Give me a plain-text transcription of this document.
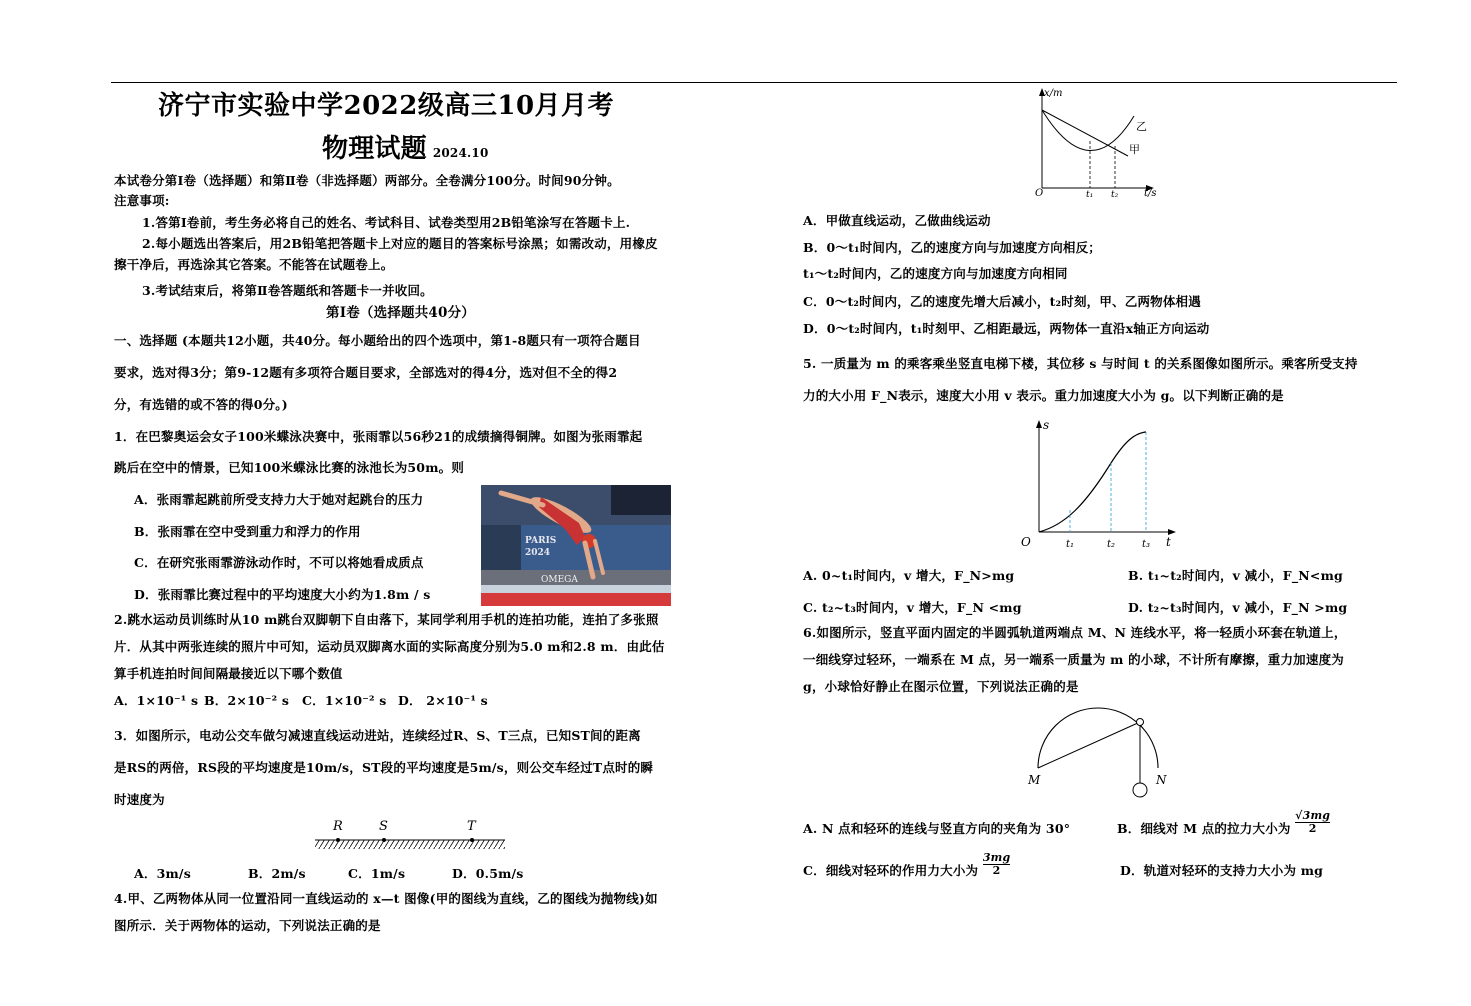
济宁市实验中学2022级高三10月月考
物理试题 2024.10
本试卷分第Ⅰ卷（选择题）和第Ⅱ卷（非选择题）两部分。全卷满分100分。时间90分钟。
注意事项:
1.答第Ⅰ卷前，考生务必将自己的姓名、考试科目、试卷类型用2B铅笔涂写在答题卡上.
2.每小题选出答案后，用2B铅笔把答题卡上对应的题目的答案标号涂黑；如需改动，用橡皮
擦干净后，再选涂其它答案。不能答在试题卷上。
3.考试结束后，将第Ⅱ卷答题纸和答题卡一并收回。
第Ⅰ卷（选择题共40分）
一、选择题 (本题共12小题，共40分。每小题给出的四个选项中，第1-8题只有一项符合题目
要求，选对得3分；第9-12题有多项符合题目要求，全部选对的得4分，选对但不全的得2
分，有选错的或不答的得0分。)
1．在巴黎奥运会女子100米蝶泳决赛中，张雨霏以56秒21的成绩摘得铜牌。如图为张雨霏起
跳后在空中的情景，已知100米蝶泳比赛的泳池长为50m。则
A．张雨霏起跳前所受支持力大于她对起跳台的压力
B．张雨霏在空中受到重力和浮力的作用
C．在研究张雨霏游泳动作时，不可以将她看成质点
D．张雨霏比赛过程中的平均速度大小约为1.8m / s
PARIS
2024
OMEGA
2.跳水运动员训练时从10 m跳台双脚朝下自由落下，某同学利用手机的连拍功能，连拍了多张照
片．从其中两张连续的照片中可知，运动员双脚离水面的实际高度分别为5.0 m和2.8 m．由此估
算手机连拍时间间隔最接近以下哪个数值
A．1×10⁻¹ s B．2×10⁻² s C．1×10⁻² s D． 2×10⁻¹ s
3．如图所示，电动公交车做匀减速直线运动进站，连续经过R、S、T三点，已知ST间的距离
是RS的两倍，RS段的平均速度是10m/s，ST段的平均速度是5m/s，则公交车经过T点时的瞬
时速度为
R	S	T
A．3m/s	B．2m/s	C．1m/s	D．0.5m/s
4.甲、乙两物体从同一位置沿同一直线运动的 x—t 图像(甲的图线为直线，乙的图线为抛物线)如
图所示．关于两物体的运动，下列说法正确的是
x/m
t/s
O	t₁ t₂
乙
甲
A．甲做直线运动，乙做曲线运动
B．0～t₁时间内，乙的速度方向与加速度方向相反；
t₁～t₂时间内，乙的速度方向与加速度方向相同
C．0～t₂时间内，乙的速度先增大后减小，t₂时刻，甲、乙两物体相遇
D．0～t₂时间内，t₁时刻甲、乙相距最远，两物体一直沿x轴正方向运动
5. 一质量为 m 的乘客乘坐竖直电梯下楼，其位移 s 与时间 t 的关系图像如图所示。乘客所受支持
力的大小用 F_N表示，速度大小用 v 表示。重力加速度大小为 g。以下判断正确的是
s
t
O	t₁	t₂	t₃
A. 0~t₁时间内，v 增大，F_N>mg	B. t₁~t₂时间内，v 减小，F_N<mg
C. t₂~t₃时间内，v 增大，F_N <mg	D. t₂~t₃时间内，v 减小，F_N >mg
6.如图所示，竖直平面内固定的半圆弧轨道两端点 M、N 连线水平，将一轻质小环套在轨道上，
一细线穿过轻环，一端系在 M 点，另一端系一质量为 m 的小球，不计所有摩擦，重力加速度为
g，小球恰好静止在图示位置，下列说法正确的是
M	N
A. N 点和轻环的连线与竖直方向的夹角为 30°	B．细线对 M 点的拉力大小为 $\frac{√3mg}{2}$
C．细线对轻环的作用力大小为 $\frac{3mg}{2}$	D．轨道对轻环的支持力大小为 mg
